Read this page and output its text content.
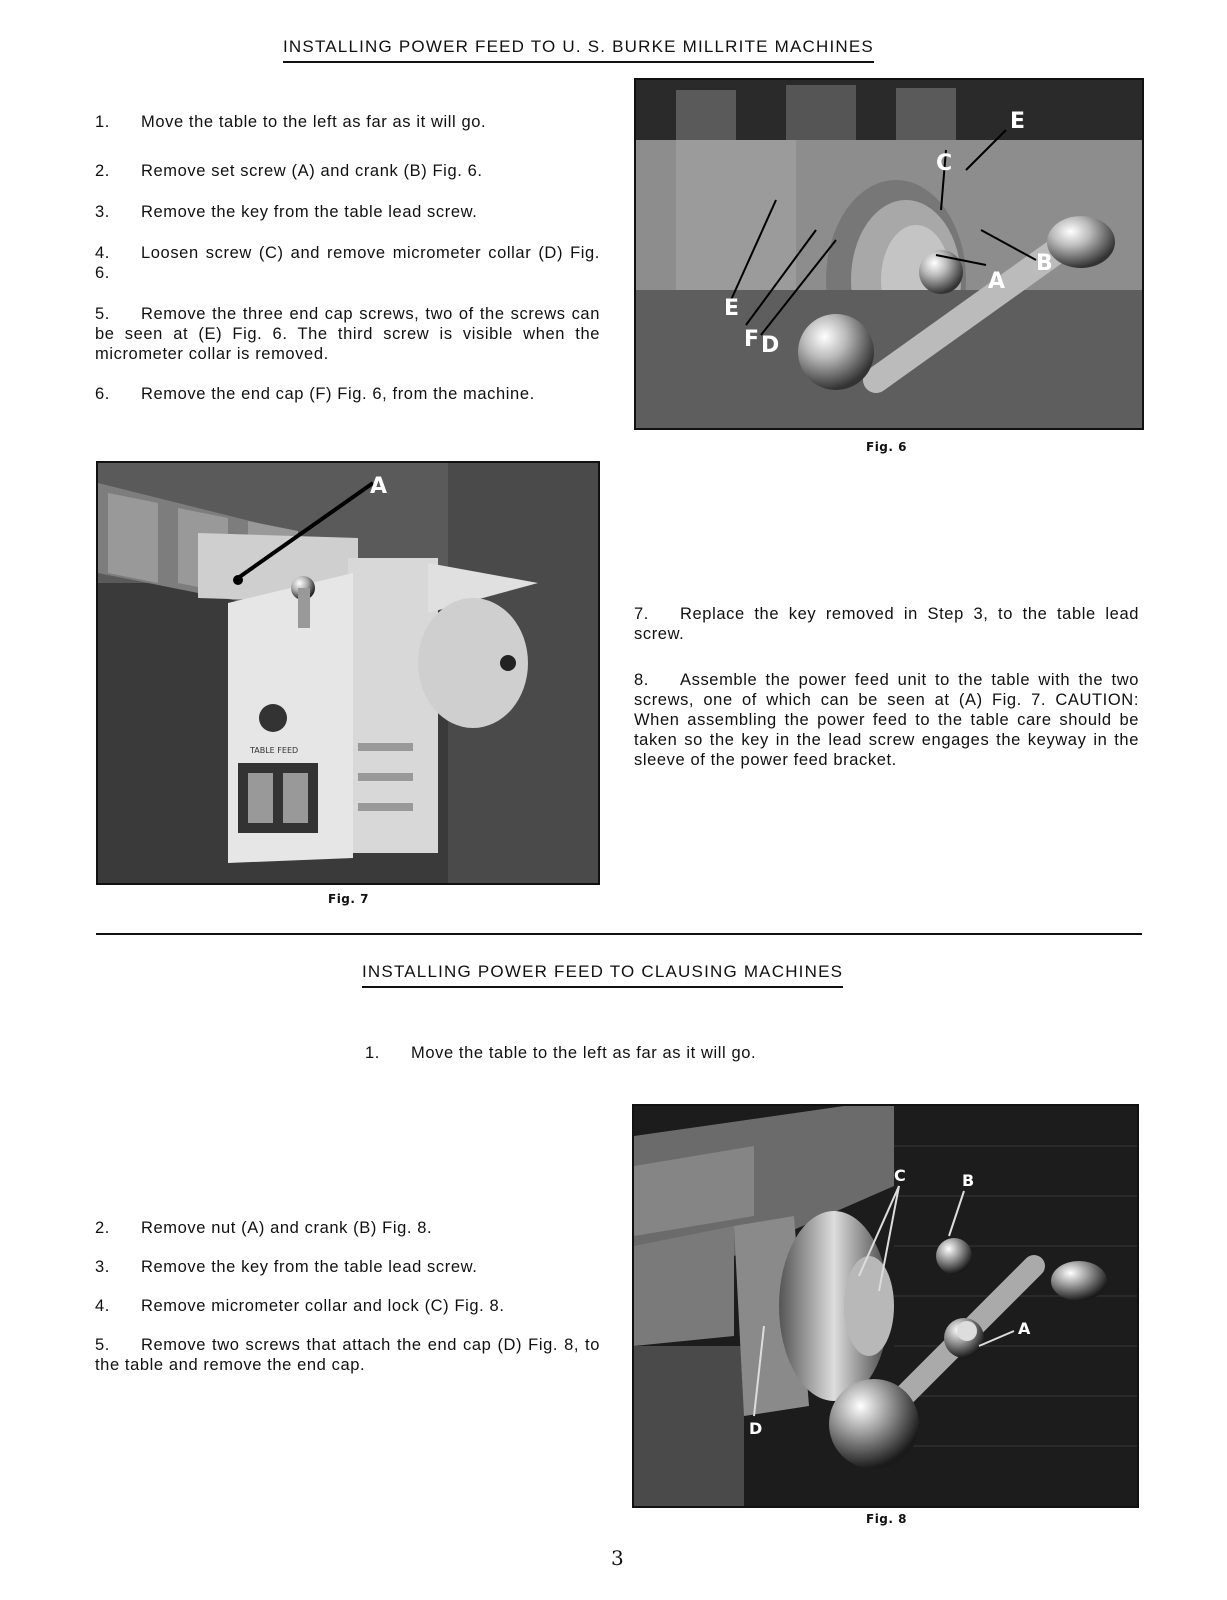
INSTALLING POWER FEED TO U. S. BURKE MILLRITE MACHINES
1. Move the table to the left as far as it will go.
2. Remove set screw (A) and crank (B) Fig. 6.
3. Remove the key from the table lead screw.
4. Loosen screw (C) and remove micrometer collar (D) Fig. 6.
5. Remove the three end cap screws, two of the screws can be seen at (E) Fig. 6. The third screw is visible when the micrometer collar is removed.
6. Remove the end cap (F) Fig. 6, from the machine.
E
C
B
A
F D
E
Fig. 6
TABLE FEED
A
Fig. 7
7. Replace the key removed in Step 3, to the table lead screw.
8. Assemble the power feed unit to the table with the two screws, one of which can be seen at (A) Fig. 7. CAUTION: When assembling the power feed to the table care should be taken so the key in the lead screw engages the keyway in the sleeve of the power feed bracket.
INSTALLING POWER FEED TO CLAUSING MACHINES
1. Move the table to the left as far as it will go.
C	B
A
D
Fig. 8
2. Remove nut (A) and crank (B) Fig. 8.
3. Remove the key from the table lead screw.
4. Remove micrometer collar and lock (C) Fig. 8.
5. Remove two screws that attach the end cap (D) Fig. 8, to the table and remove the end cap.
3
